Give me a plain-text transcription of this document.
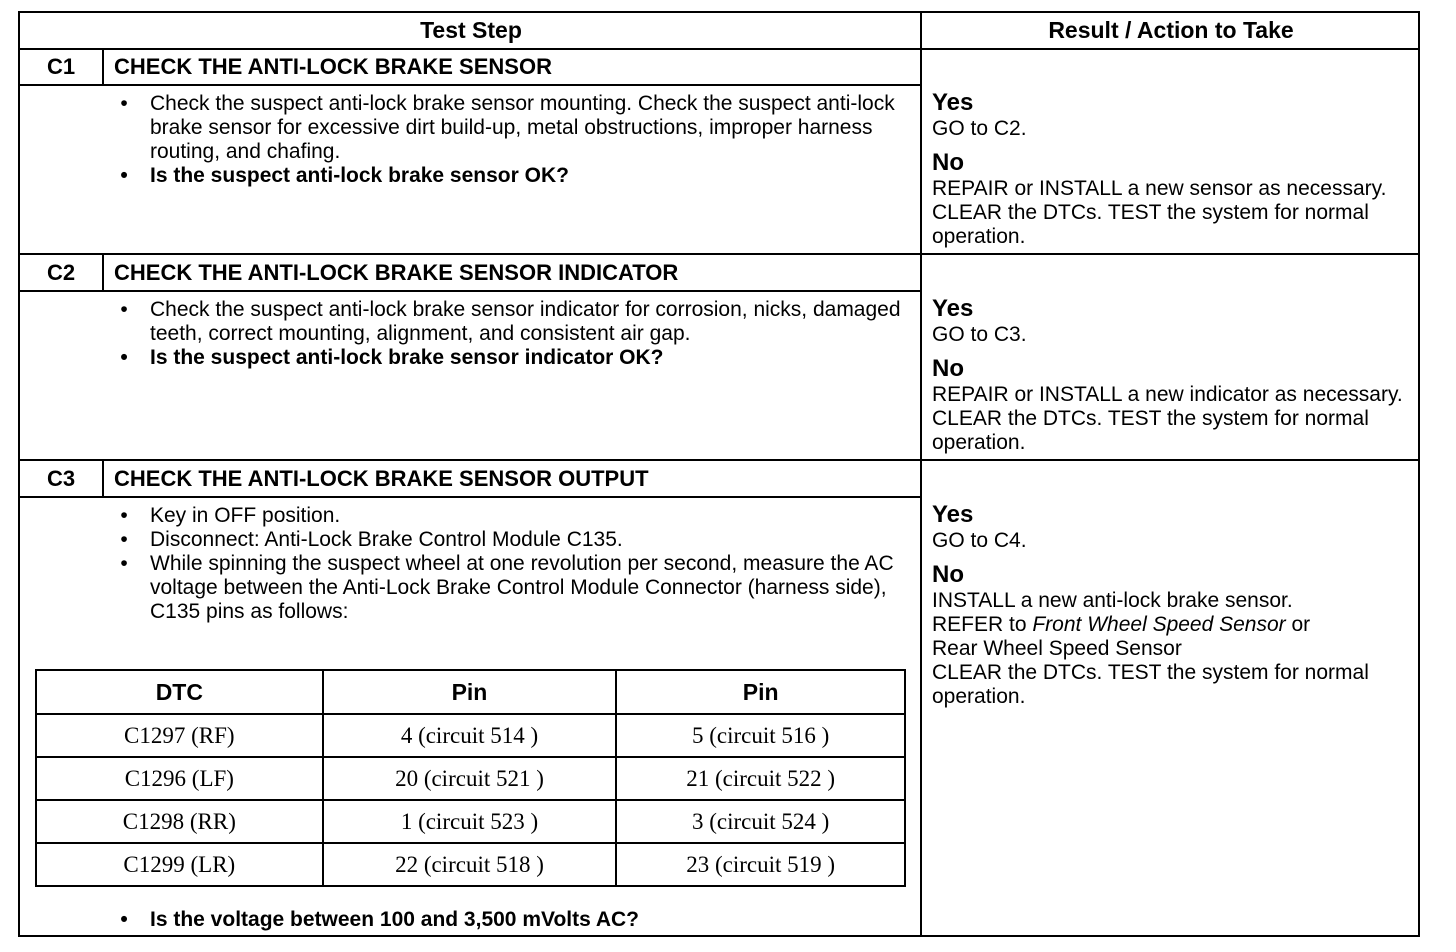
Test Step	Result / Action to Take
C1	CHECK THE ANTI-LOCK BRAKE SENSOR
•	Check the suspect anti-lock brake sensor mounting. Check the suspect anti-lock brake sensor for excessive dirt build-up, metal obstructions, improper harness routing, and chafing.
•	Is the suspect anti-lock brake sensor OK?
Yes
GO to C2.
No
REPAIR or INSTALL a new sensor as necessary. CLEAR the DTCs. TEST the system for normal operation.
C2	CHECK THE ANTI-LOCK BRAKE SENSOR INDICATOR
•	Check the suspect anti-lock brake sensor indicator for corrosion, nicks, damaged teeth, correct mounting, alignment, and consistent air gap.
•	Is the suspect anti-lock brake sensor indicator OK?
Yes
GO to C3.
No
REPAIR or INSTALL a new indicator as necessary. CLEAR the DTCs. TEST the system for normal operation.
C3	CHECK THE ANTI-LOCK BRAKE SENSOR OUTPUT
•	Key in OFF position.
•	Disconnect: Anti-Lock Brake Control Module C135.
•	While spinning the suspect wheel at one revolution per second, measure the AC voltage between the Anti-Lock Brake Control Module Connector (harness side), C135 pins as follows:
DTC	Pin	Pin
C1297 (RF)	4 (circuit 514 )	5 (circuit 516 )
C1296 (LF)	20 (circuit 521 )	21 (circuit 522 )
C1298 (RR)	1 (circuit 523 )	3 (circuit 524 )
C1299 (LR)	22 (circuit 518 )	23 (circuit 519 )
•	Is the voltage between 100 and 3,500 mVolts AC?
Yes
GO to C4.
No
INSTALL a new anti-lock brake sensor.
REFER to Front Wheel Speed Sensor or
Rear Wheel Speed Sensor
CLEAR the DTCs. TEST the system for normal operation.
